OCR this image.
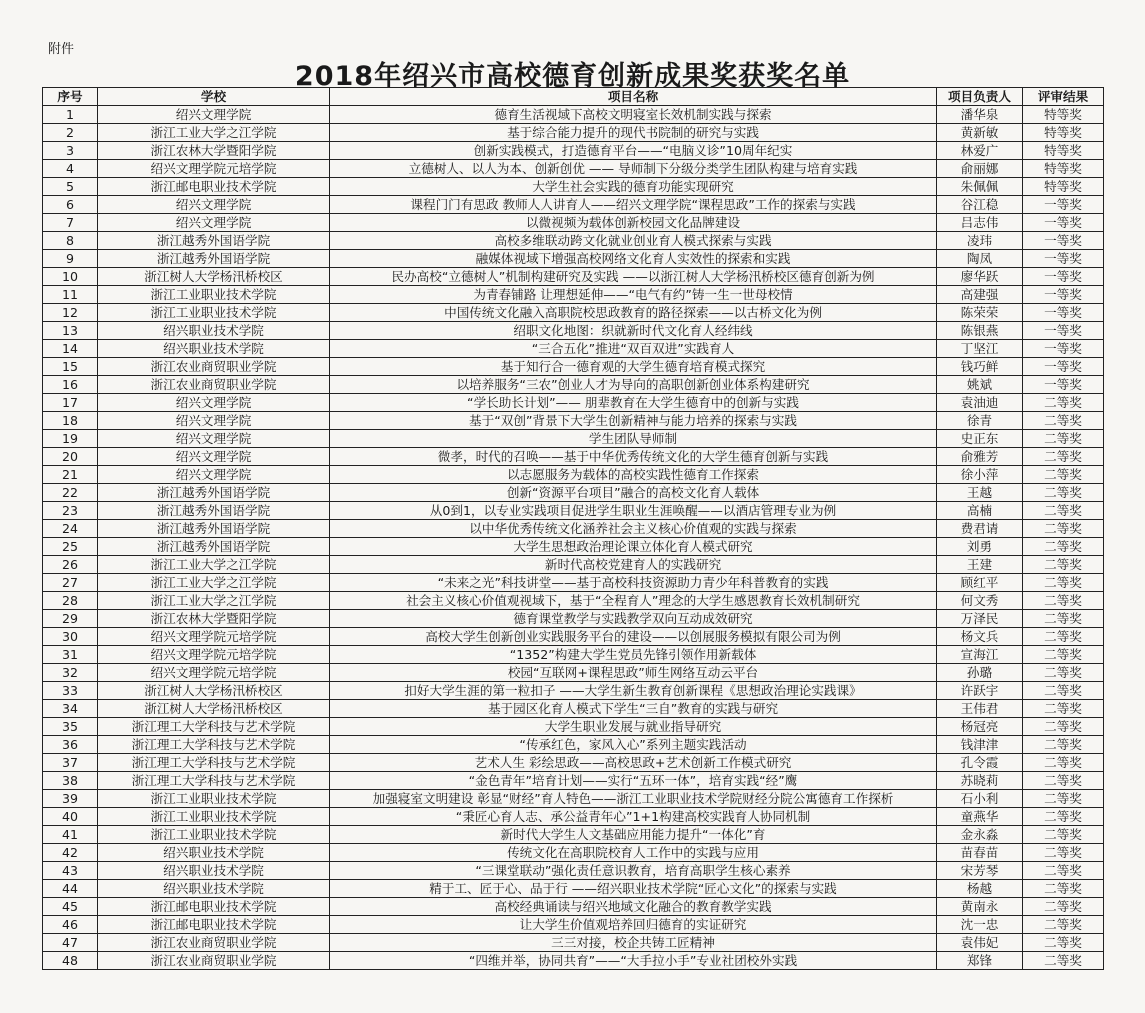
附件
2018年绍兴市高校德育创新成果奖获奖名单
序号	学校	项目名称	项目负责人	评审结果
1	绍兴文理学院	德育生活视域下高校文明寝室长效机制实践与探索	潘华泉	特等奖
2	浙江工业大学之江学院	基于综合能力提升的现代书院制的研究与实践	黄新敏	特等奖
3	浙江农林大学暨阳学院	创新实践模式，打造德育平台——“电脑义诊”10周年纪实	林爱广	特等奖
4	绍兴文理学院元培学院	立德树人、以人为本、创新创优 —— 导师制下分级分类学生团队构建与培育实践	俞丽娜	特等奖
5	浙江邮电职业技术学院	大学生社会实践的德育功能实现研究	朱佩佩	特等奖
6	绍兴文理学院	课程门门有思政 教师人人讲育人——绍兴文理学院“课程思政”工作的探索与实践	谷江稳	一等奖
7	绍兴文理学院	以微视频为载体创新校园文化品牌建设	吕志伟	一等奖
8	浙江越秀外国语学院	高校多维联动跨文化就业创业育人模式探索与实践	凌玮	一等奖
9	浙江越秀外国语学院	融媒体视域下增强高校网络文化育人实效性的探索和实践	陶凤	一等奖
10	浙江树人大学杨汛桥校区	民办高校“立德树人”机制构建研究及实践 ——以浙江树人大学杨汛桥校区德育创新为例	廖华跃	一等奖
11	浙江工业职业技术学院	为青春铺路 让理想延伸——“电气有约”铸一生一世母校情	高建强	一等奖
12	浙江工业职业技术学院	中国传统文化融入高职院校思政教育的路径探索——以古桥文化为例	陈荣荣	一等奖
13	绍兴职业技术学院	绍职文化地图：织就新时代文化育人经纬线	陈银燕	一等奖
14	绍兴职业技术学院	“三合五化”推进“双百双进”实践育人	丁坚江	一等奖
15	浙江农业商贸职业学院	基于知行合一德育观的大学生德育培育模式探究	钱巧鲜	一等奖
16	浙江农业商贸职业学院	以培养服务“三农”创业人才为导向的高职创新创业体系构建研究	姚斌	一等奖
17	绍兴文理学院	“学长助长计划”—— 朋辈教育在大学生德育中的创新与实践	袁油迪	二等奖
18	绍兴文理学院	基于“双创”背景下大学生创新精神与能力培养的探索与实践	徐青	二等奖
19	绍兴文理学院	学生团队导师制	史正东	二等奖
20	绍兴文理学院	微孝，时代的召唤——基于中华优秀传统文化的大学生德育创新与实践	俞雅芳	二等奖
21	绍兴文理学院	以志愿服务为载体的高校实践性德育工作探索	徐小萍	二等奖
22	浙江越秀外国语学院	创新“资源平台项目”融合的高校文化育人载体	王越	二等奖
23	浙江越秀外国语学院	从0到1，以专业实践项目促进学生职业生涯唤醒——以酒店管理专业为例	高楠	二等奖
24	浙江越秀外国语学院	以中华优秀传统文化涵养社会主义核心价值观的实践与探索	费君请	二等奖
25	浙江越秀外国语学院	大学生思想政治理论课立体化育人模式研究	刘勇	二等奖
26	浙江工业大学之江学院	新时代高校党建育人的实践研究	王建	二等奖
27	浙江工业大学之江学院	“未来之光”科技讲堂——基于高校科技资源助力青少年科普教育的实践	顾红平	二等奖
28	浙江工业大学之江学院	社会主义核心价值观视域下，基于“全程育人”理念的大学生感恩教育长效机制研究	何文秀	二等奖
29	浙江农林大学暨阳学院	德育课堂教学与实践教学双向互动成效研究	万泽民	二等奖
30	绍兴文理学院元培学院	高校大学生创新创业实践服务平台的建设——以创展服务模拟有限公司为例	杨文兵	二等奖
31	绍兴文理学院元培学院	“1352”构建大学生党员先锋引领作用新载体	宣海江	二等奖
32	绍兴文理学院元培学院	校园“互联网+课程思政”师生网络互动云平台	孙璐	二等奖
33	浙江树人大学杨汛桥校区	扣好大学生涯的第一粒扣子 ——大学生新生教育创新课程《思想政治理论实践课》	许跃宇	二等奖
34	浙江树人大学杨汛桥校区	基于园区化育人模式下学生“三自”教育的实践与研究	王伟君	二等奖
35	浙江理工大学科技与艺术学院	大学生职业发展与就业指导研究	杨冠亮	二等奖
36	浙江理工大学科技与艺术学院	“传承红色，家风入心”系列主题实践活动	钱津津	二等奖
37	浙江理工大学科技与艺术学院	艺术人生 彩绘思政——高校思政+艺术创新工作模式研究	孔令霞	二等奖
38	浙江理工大学科技与艺术学院	“金色青年”培育计划——实行“五环一体”，培育实践“经”鹰	苏晓莉	二等奖
39	浙江工业职业技术学院	加强寝室文明建设 彰显“财经”育人特色——浙江工业职业技术学院财经分院公寓德育工作探析	石小利	二等奖
40	浙江工业职业技术学院	“秉匠心育人志、承公益青年心”1+1构建高校实践育人协同机制	童燕华	二等奖
41	浙江工业职业技术学院	新时代大学生人文基础应用能力提升“一体化”育	金永淼	二等奖
42	绍兴职业技术学院	传统文化在高职院校育人工作中的实践与应用	苗春苗	二等奖
43	绍兴职业技术学院	“三课堂联动”强化责任意识教育，培育高职学生核心素养	宋芳琴	二等奖
44	绍兴职业技术学院	精于工、匠于心、品于行 ——绍兴职业技术学院“匠心文化”的探索与实践	杨越	二等奖
45	浙江邮电职业技术学院	高校经典诵读与绍兴地域文化融合的教育教学实践	黄南永	二等奖
46	浙江邮电职业技术学院	让大学生价值观培养回归德育的实证研究	沈一忠	二等奖
47	浙江农业商贸职业学院	三三对接，校企共铸工匠精神	袁伟妃	二等奖
48	浙江农业商贸职业学院	“四维并举，协同共育”——“大手拉小手”专业社团校外实践	郑锋	二等奖
